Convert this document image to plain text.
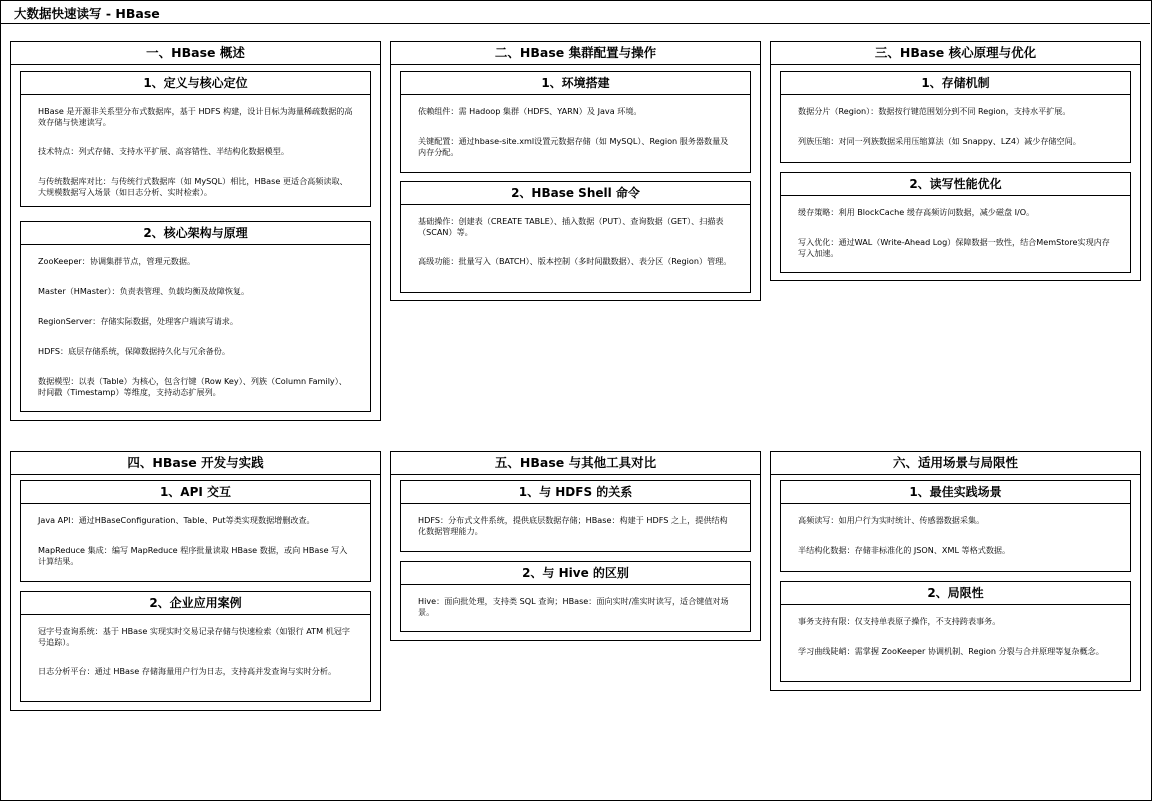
大数据快速读写 - HBase
一、HBase 概述
1、定义与核心定位

HBase 是开源非关系型分布式数据库，基于 HDFS 构建，设计目标为海量稀疏数据的高效存储与快速读写。

技术特点：列式存储、支持水平扩展、高容错性、半结构化数据模型。

与传统数据库对比：与传统行式数据库（如 MySQL）相比，HBase 更适合高频读取、大规模数据写入场景（如日志分析、实时检索）。

2、核心架构与原理

ZooKeeper：协调集群节点，管理元数据。

Master（HMaster）：负责表管理、负载均衡及故障恢复。

RegionServer：存储实际数据，处理客户端读写请求。

HDFS：底层存储系统，保障数据持久化与冗余备份。

数据模型：以表（Table）为核心，包含行键（Row Key）、列族（Column Family）、时间戳（Timestamp）等维度，支持动态扩展列。

二、HBase 集群配置与操作
1、环境搭建

依赖组件：需 Hadoop 集群（HDFS、YARN）及 Java 环境。

关键配置：通过hbase-site.xml设置元数据存储（如 MySQL）、Region 服务器数量及内存分配。

2、HBase Shell 命令

基础操作：创建表（CREATE TABLE）、插入数据（PUT）、查询数据（GET）、扫描表（SCAN）等。

高级功能：批量写入（BATCH）、版本控制（多时间戳数据）、表分区（Region）管理。

三、HBase 核心原理与优化
1、存储机制

数据分片（Region）：数据按行键范围划分到不同 Region，支持水平扩展。

列族压缩：对同一列族数据采用压缩算法（如 Snappy、LZ4）减少存储空间。

2、读写性能优化

缓存策略：利用 BlockCache 缓存高频访问数据，减少磁盘 I/O。

写入优化：通过WAL（Write-Ahead Log）保障数据一致性，结合MemStore实现内存写入加速。

四、HBase 开发与实践
1、API 交互

Java API：通过HBaseConfiguration、Table、Put等类实现数据增删改查。

MapReduce 集成：编写 MapReduce 程序批量读取 HBase 数据，或向 HBase 写入计算结果。

2、企业应用案例

冠字号查询系统：基于 HBase 实现实时交易记录存储与快速检索（如银行 ATM 机冠字号追踪）。

日志分析平台：通过 HBase 存储海量用户行为日志，支持高并发查询与实时分析。

五、HBase 与其他工具对比
1、与 HDFS 的关系

HDFS：分布式文件系统，提供底层数据存储；HBase：构建于 HDFS 之上，提供结构化数据管理能力。

2、与 Hive 的区别

Hive：面向批处理，支持类 SQL 查询；HBase：面向实时/准实时读写，适合键值对场景。

六、适用场景与局限性
1、最佳实践场景

高频读写：如用户行为实时统计、传感器数据采集。

半结构化数据：存储非标准化的 JSON、XML 等格式数据。

2、局限性

事务支持有限：仅支持单表原子操作，不支持跨表事务。

学习曲线陡峭：需掌握 ZooKeeper 协调机制、Region 分裂与合并原理等复杂概念。
